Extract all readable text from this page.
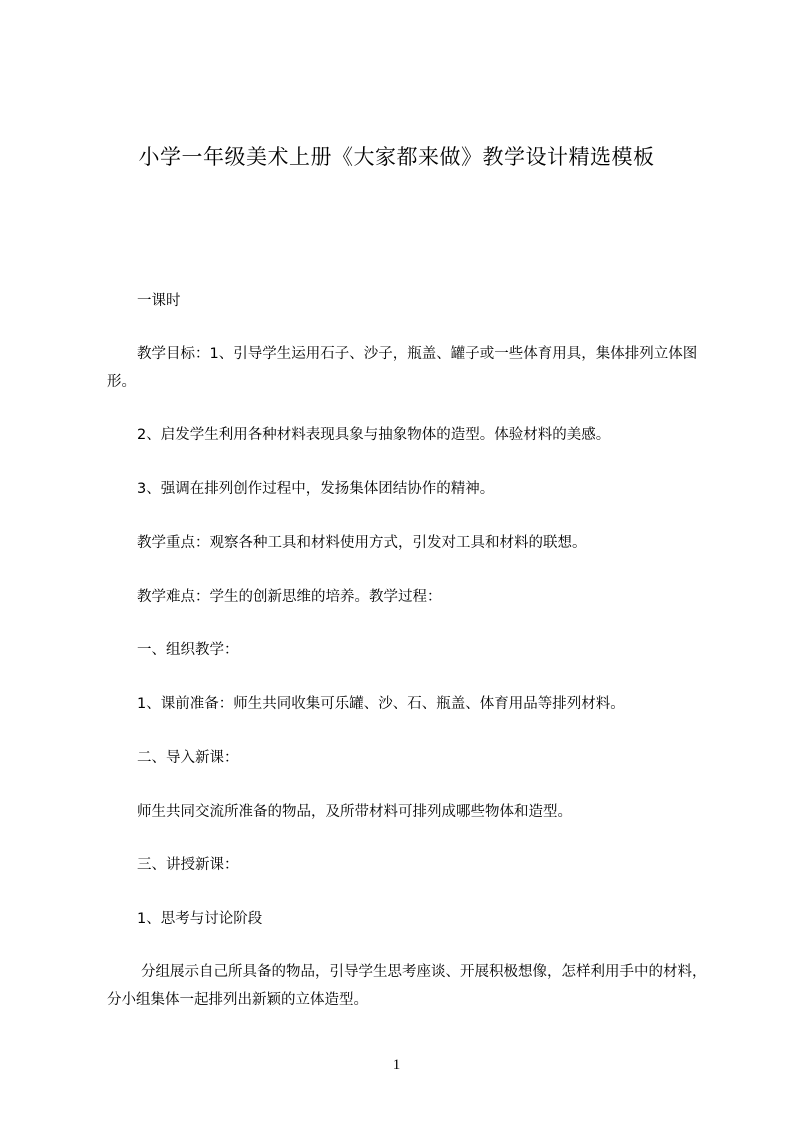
小学一年级美术上册《大家都来做》教学设计精选模板
一课时
教学目标：1、引导学生运用石子、沙子，瓶盖、罐子或一些体育用具，集体排列立体图形。
2、启发学生利用各种材料表现具象与抽象物体的造型。体验材料的美感。
3、强调在排列创作过程中，发扬集体团结协作的精神。
教学重点：观察各种工具和材料使用方式，引发对工具和材料的联想。
教学难点：学生的创新思维的培养。教学过程：
一、组织教学：
1、课前准备：师生共同收集可乐罐、沙、石、瓶盖、体育用品等排列材料。
二、导入新课：
师生共同交流所准备的物品，及所带材料可排列成哪些物体和造型。
三、讲授新课：
1、思考与讨论阶段
分组展示自己所具备的物品，引导学生思考座谈、开展积极想像，怎样利用手中的材料，分小组集体一起排列出新颖的立体造型。
1
